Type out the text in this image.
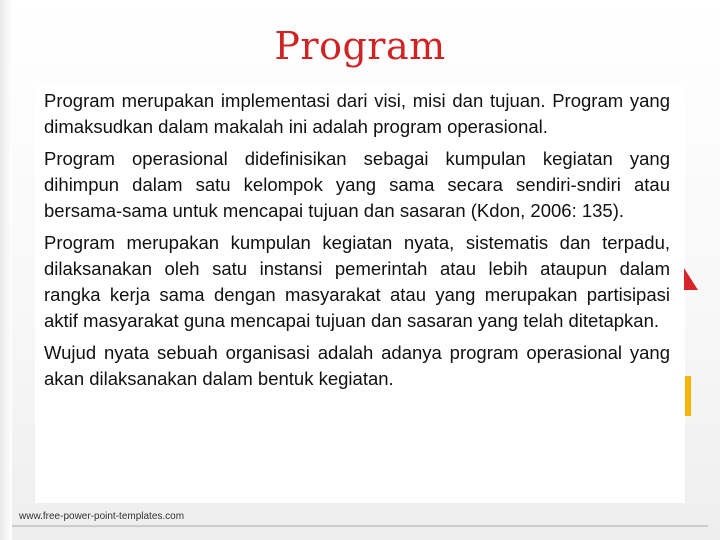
Program

Program merupakan implementasi dari visi, misi dan tujuan. Program yang dimaksudkan dalam makalah ini adalah program operasional.

Program operasional didefinisikan sebagai kumpulan kegiatan yang dihimpun dalam satu kelompok yang sama secara sendiri-sndiri atau bersama-sama untuk mencapai tujuan dan sasaran (Kdon, 2006: 135).

Program merupakan kumpulan kegiatan nyata, sistematis dan terpadu, dilaksanakan oleh satu instansi pemerintah atau lebih ataupun dalam rangka kerja sama dengan masyarakat atau yang merupakan partisipasi aktif masyarakat guna mencapai tujuan dan sasaran yang telah ditetapkan.

Wujud nyata sebuah organisasi adalah adanya program operasional yang akan dilaksanakan dalam bentuk kegiatan.

www.free-power-point-templates.com
